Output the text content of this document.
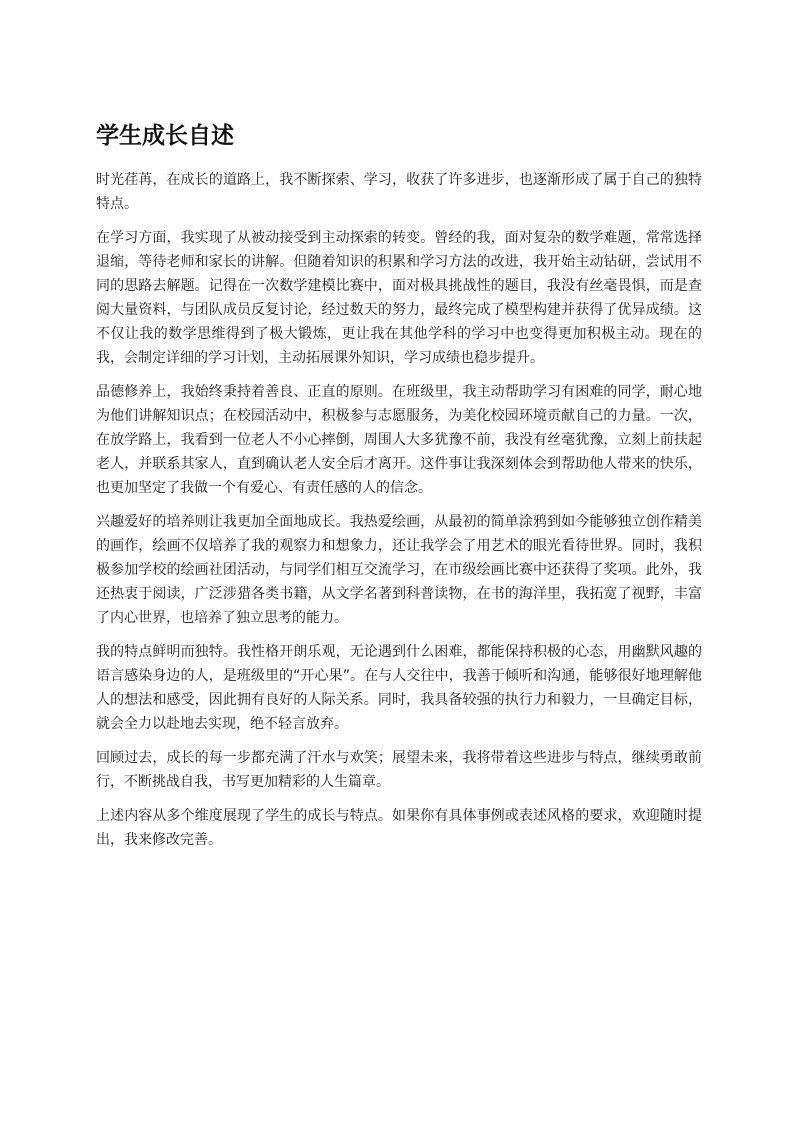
学生成长自述

时光荏苒，在成长的道路上，我不断探索、学习，收获了许多进步，也逐渐形成了属于自己的独特特点。

在学习方面，我实现了从被动接受到主动探索的转变。曾经的我，面对复杂的数学难题，常常选择退缩，等待老师和家长的讲解。但随着知识的积累和学习方法的改进，我开始主动钻研，尝试用不同的思路去解题。记得在一次数学建模比赛中，面对极具挑战性的题目，我没有丝毫畏惧，而是查阅大量资料，与团队成员反复讨论，经过数天的努力，最终完成了模型构建并获得了优异成绩。这不仅让我的数学思维得到了极大锻炼，更让我在其他学科的学习中也变得更加积极主动。现在的我，会制定详细的学习计划，主动拓展课外知识，学习成绩也稳步提升。

品德修养上，我始终秉持着善良、正直的原则。在班级里，我主动帮助学习有困难的同学，耐心地为他们讲解知识点；在校园活动中，积极参与志愿服务，为美化校园环境贡献自己的力量。一次，在放学路上，我看到一位老人不小心摔倒，周围人大多犹豫不前，我没有丝毫犹豫，立刻上前扶起老人，并联系其家人，直到确认老人安全后才离开。这件事让我深刻体会到帮助他人带来的快乐，也更加坚定了我做一个有爱心、有责任感的人的信念。

兴趣爱好的培养则让我更加全面地成长。我热爱绘画，从最初的简单涂鸦到如今能够独立创作精美的画作，绘画不仅培养了我的观察力和想象力，还让我学会了用艺术的眼光看待世界。同时，我积极参加学校的绘画社团活动，与同学们相互交流学习，在市级绘画比赛中还获得了奖项。此外，我还热衷于阅读，广泛涉猎各类书籍，从文学名著到科普读物，在书的海洋里，我拓宽了视野，丰富了内心世界，也培养了独立思考的能力。

我的特点鲜明而独特。我性格开朗乐观，无论遇到什么困难，都能保持积极的心态，用幽默风趣的语言感染身边的人，是班级里的“开心果”。在与人交往中，我善于倾听和沟通，能够很好地理解他人的想法和感受，因此拥有良好的人际关系。同时，我具备较强的执行力和毅力，一旦确定目标，就会全力以赴地去实现，绝不轻言放弃。

回顾过去，成长的每一步都充满了汗水与欢笑；展望未来，我将带着这些进步与特点，继续勇敢前行，不断挑战自我，书写更加精彩的人生篇章。

上述内容从多个维度展现了学生的成长与特点。如果你有具体事例或表述风格的要求，欢迎随时提出，我来修改完善。
